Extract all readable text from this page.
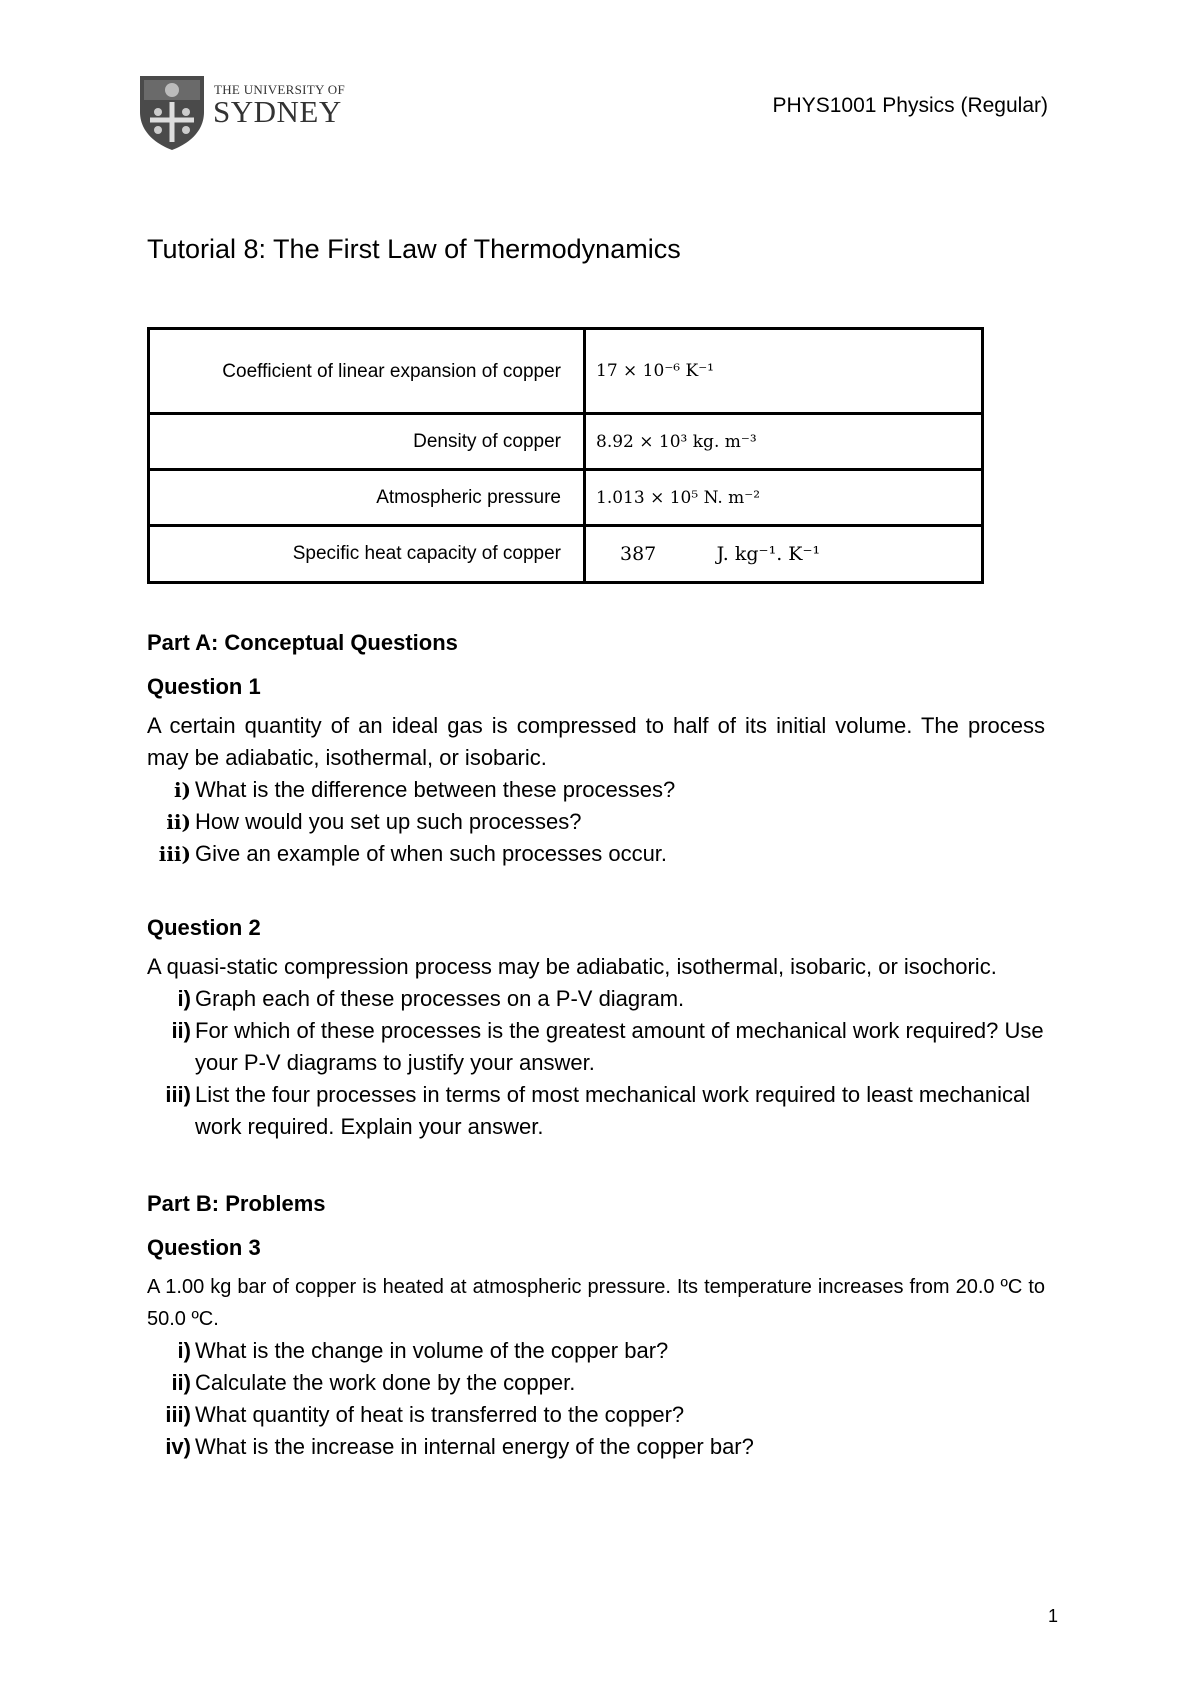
THE UNIVERSITY OF
SYDNEY	PHYS1001 Physics (Regular)
Tutorial 8: The First Law of Thermodynamics
Coefficient of linear expansion of copper	17 × 10⁻⁶ K⁻¹
Density of copper	8.92 × 10³ kg. m⁻³
Atmospheric pressure	1.013 × 10⁵ N. m⁻²
Specific heat capacity of copper	387          J. kg⁻¹. K⁻¹

Part A: Conceptual Questions

Question 1

A certain quantity of an ideal gas is compressed to half of its initial volume. The process may be adiabatic, isothermal, or isobaric.

i) What is the difference between these processes?
ii) How would you set up such processes?
iii) Give an example of when such processes occur.

Question 2

A quasi-static compression process may be adiabatic, isothermal, isobaric, or isochoric.

i) Graph each of these processes on a P-V diagram.
ii) For which of these processes is the greatest amount of mechanical work required? Use your P-V diagrams to justify your answer.
iii) List the four processes in terms of most mechanical work required to least mechanical work required. Explain your answer.

Part B: Problems

Question 3

A 1.00 kg bar of copper is heated at atmospheric pressure. Its temperature increases from 20.0 ºC to 50.0 ºC.

i) What is the change in volume of the copper bar?
ii) Calculate the work done by the copper.
iii) What quantity of heat is transferred to the copper?
iv) What is the increase in internal energy of the copper bar?
1
